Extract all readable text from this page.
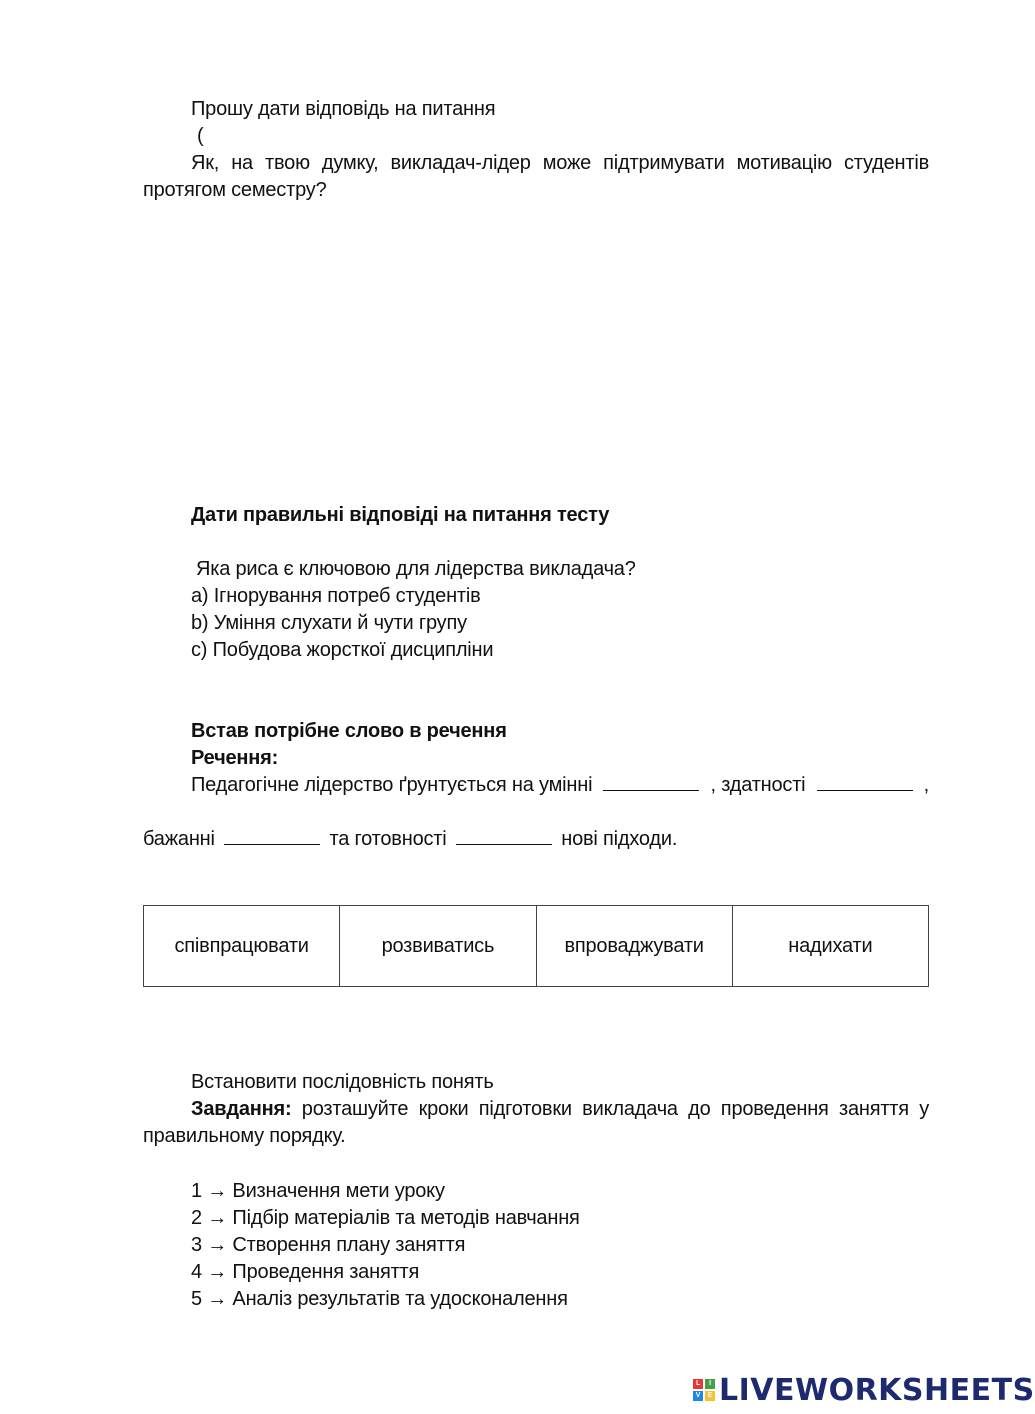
Прошу дати відповідь на питання
(
Як, на твою думку, викладач-лідер може підтримувати мотивацію студентів
протягом семестру?
Дати правильні відповіді на питання тесту
Яка риса є ключовою для лідерства викладача?
a) Ігнорування потреб студентів
b) Уміння слухати й чути групу
c) Побудова жорсткої дисципліни
Встав потрібне слово в речення
Речення:
Педагогічне лідерство ґрунтується на умінні	, здатності	,
бажанні	та готовності	нові підходи.
співпрацювати	розвиватись	впроваджувати	надихати
Встановити послідовність понять
Завдання: розташуйте кроки підготовки викладача до проведення заняття у
правильному порядку.
1 → Визначення мети уроку
2 → Підбір матеріалів та методів навчання
3 → Створення плану заняття
4 → Проведення заняття
5 → Аналіз результатів та удосконалення
L	I
V	E LIVEWORKSHEETS
